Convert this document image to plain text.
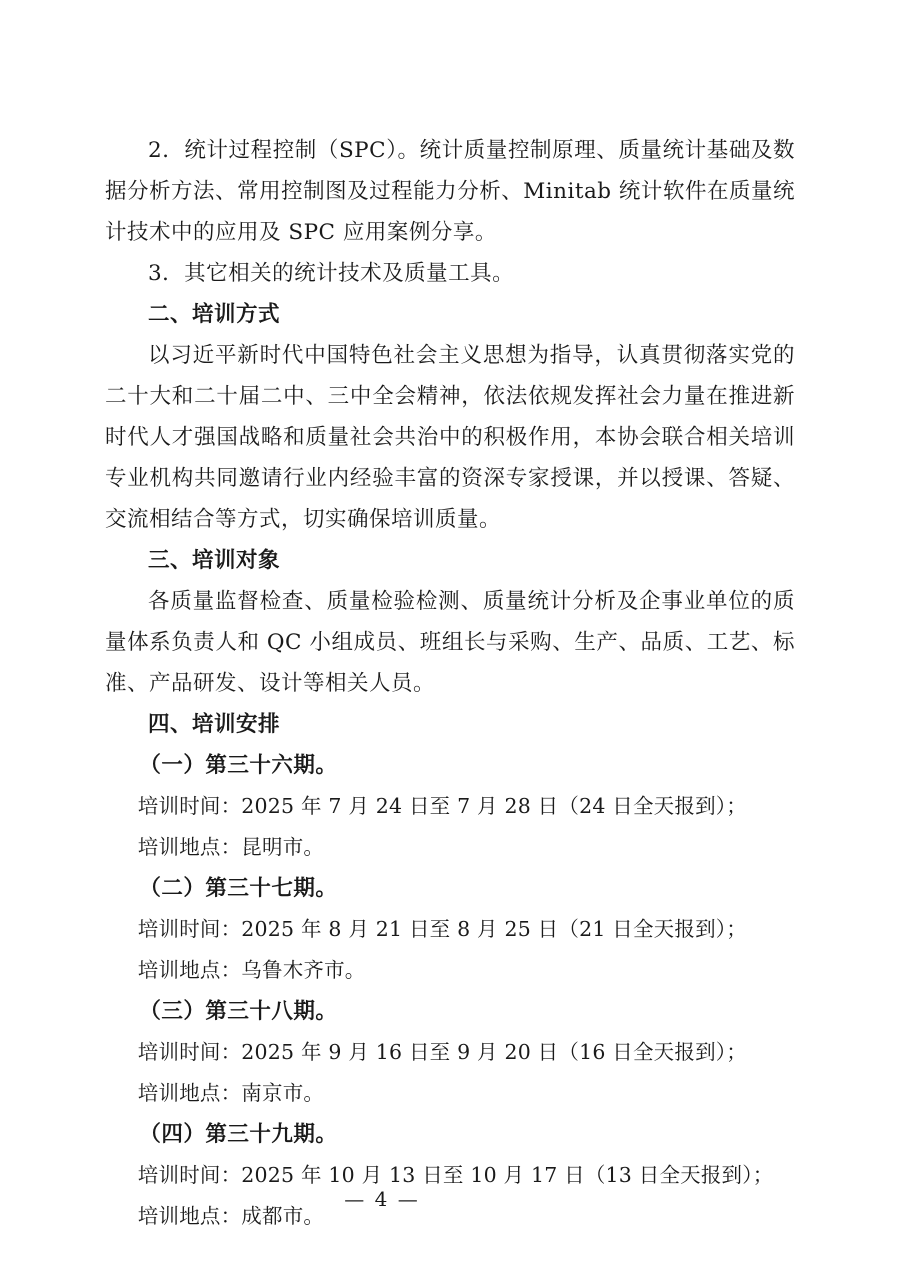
2．统计过程控制（SPC）。统计质量控制原理、质量统计基础及数据分析方法、常用控制图及过程能力分析、Minitab 统计软件在质量统计技术中的应用及 SPC 应用案例分享。

3．其它相关的统计技术及质量工具。

二、培训方式

以习近平新时代中国特色社会主义思想为指导，认真贯彻落实党的二十大和二十届二中、三中全会精神，依法依规发挥社会力量在推进新时代人才强国战略和质量社会共治中的积极作用，本协会联合相关培训专业机构共同邀请行业内经验丰富的资深专家授课，并以授课、答疑、交流相结合等方式，切实确保培训质量。

三、培训对象

各质量监督检查、质量检验检测、质量统计分析及企事业单位的质量体系负责人和 QC 小组成员、班组长与采购、生产、品质、工艺、标准、产品研发、设计等相关人员。

四、培训安排

（一）第三十六期。

培训时间：2025 年 7 月 24 日至 7 月 28 日（24 日全天报到）；

培训地点：昆明市。

（二）第三十七期。

培训时间：2025 年 8 月 21 日至 8 月 25 日（21 日全天报到）；

培训地点：乌鲁木齐市。

（三）第三十八期。

培训时间：2025 年 9 月 16 日至 9 月 20 日（16 日全天报到）；

培训地点：南京市。

（四）第三十九期。

培训时间：2025 年 10 月 13 日至 10 月 17 日（13 日全天报到）；

培训地点：成都市。

— 4 —
